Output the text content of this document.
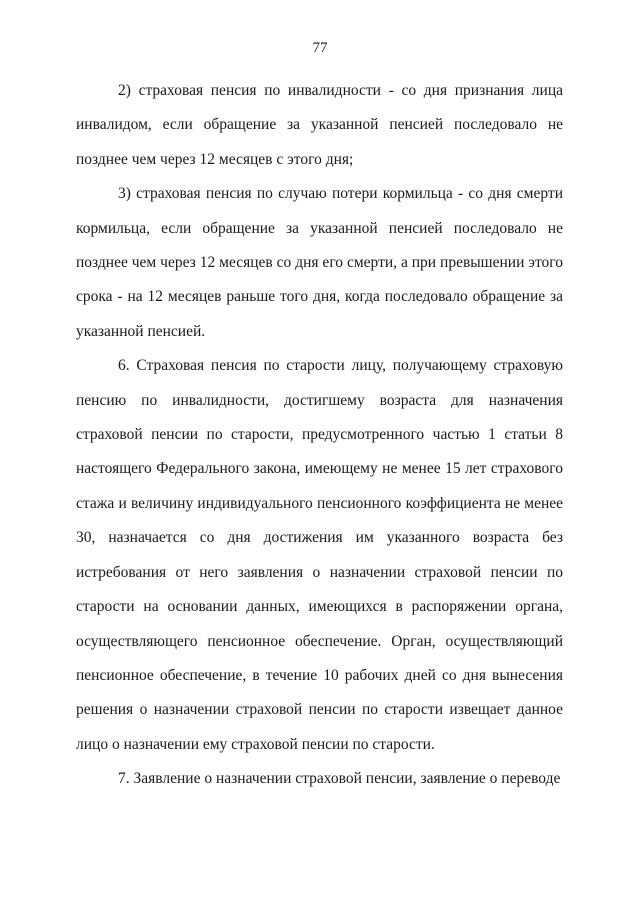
77

2) страховая пенсия по инвалидности - со дня признания лица инвалидом, если обращение за указанной пенсией последовало не позднее чем через 12 месяцев с этого дня;

3) страховая пенсия по случаю потери кормильца - со дня смерти кормильца, если обращение за указанной пенсией последовало не позднее чем через 12 месяцев со дня его смерти, а при превышении этого срока - на 12 месяцев раньше того дня, когда последовало обращение за указанной пенсией.

6. Страховая пенсия по старости лицу, получающему страховую пенсию по инвалидности, достигшему возраста для назначения страховой пенсии по старости, предусмотренного частью 1 статьи 8 настоящего Федерального закона, имеющему не менее 15 лет страхового стажа и величину индивидуального пенсионного коэффициента не менее 30, назначается со дня достижения им указанного возраста без истребования от него заявления о назначении страховой пенсии по старости на основании данных, имеющихся в распоряжении органа, осуществляющего пенсионное обеспечение. Орган, осуществляющий пенсионное обеспечение, в течение 10 рабочих дней со дня вынесения решения о назначении страховой пенсии по старости извещает данное лицо о назначении ему страховой пенсии по старости.

7. Заявление о назначении страховой пенсии, заявление о переводе
